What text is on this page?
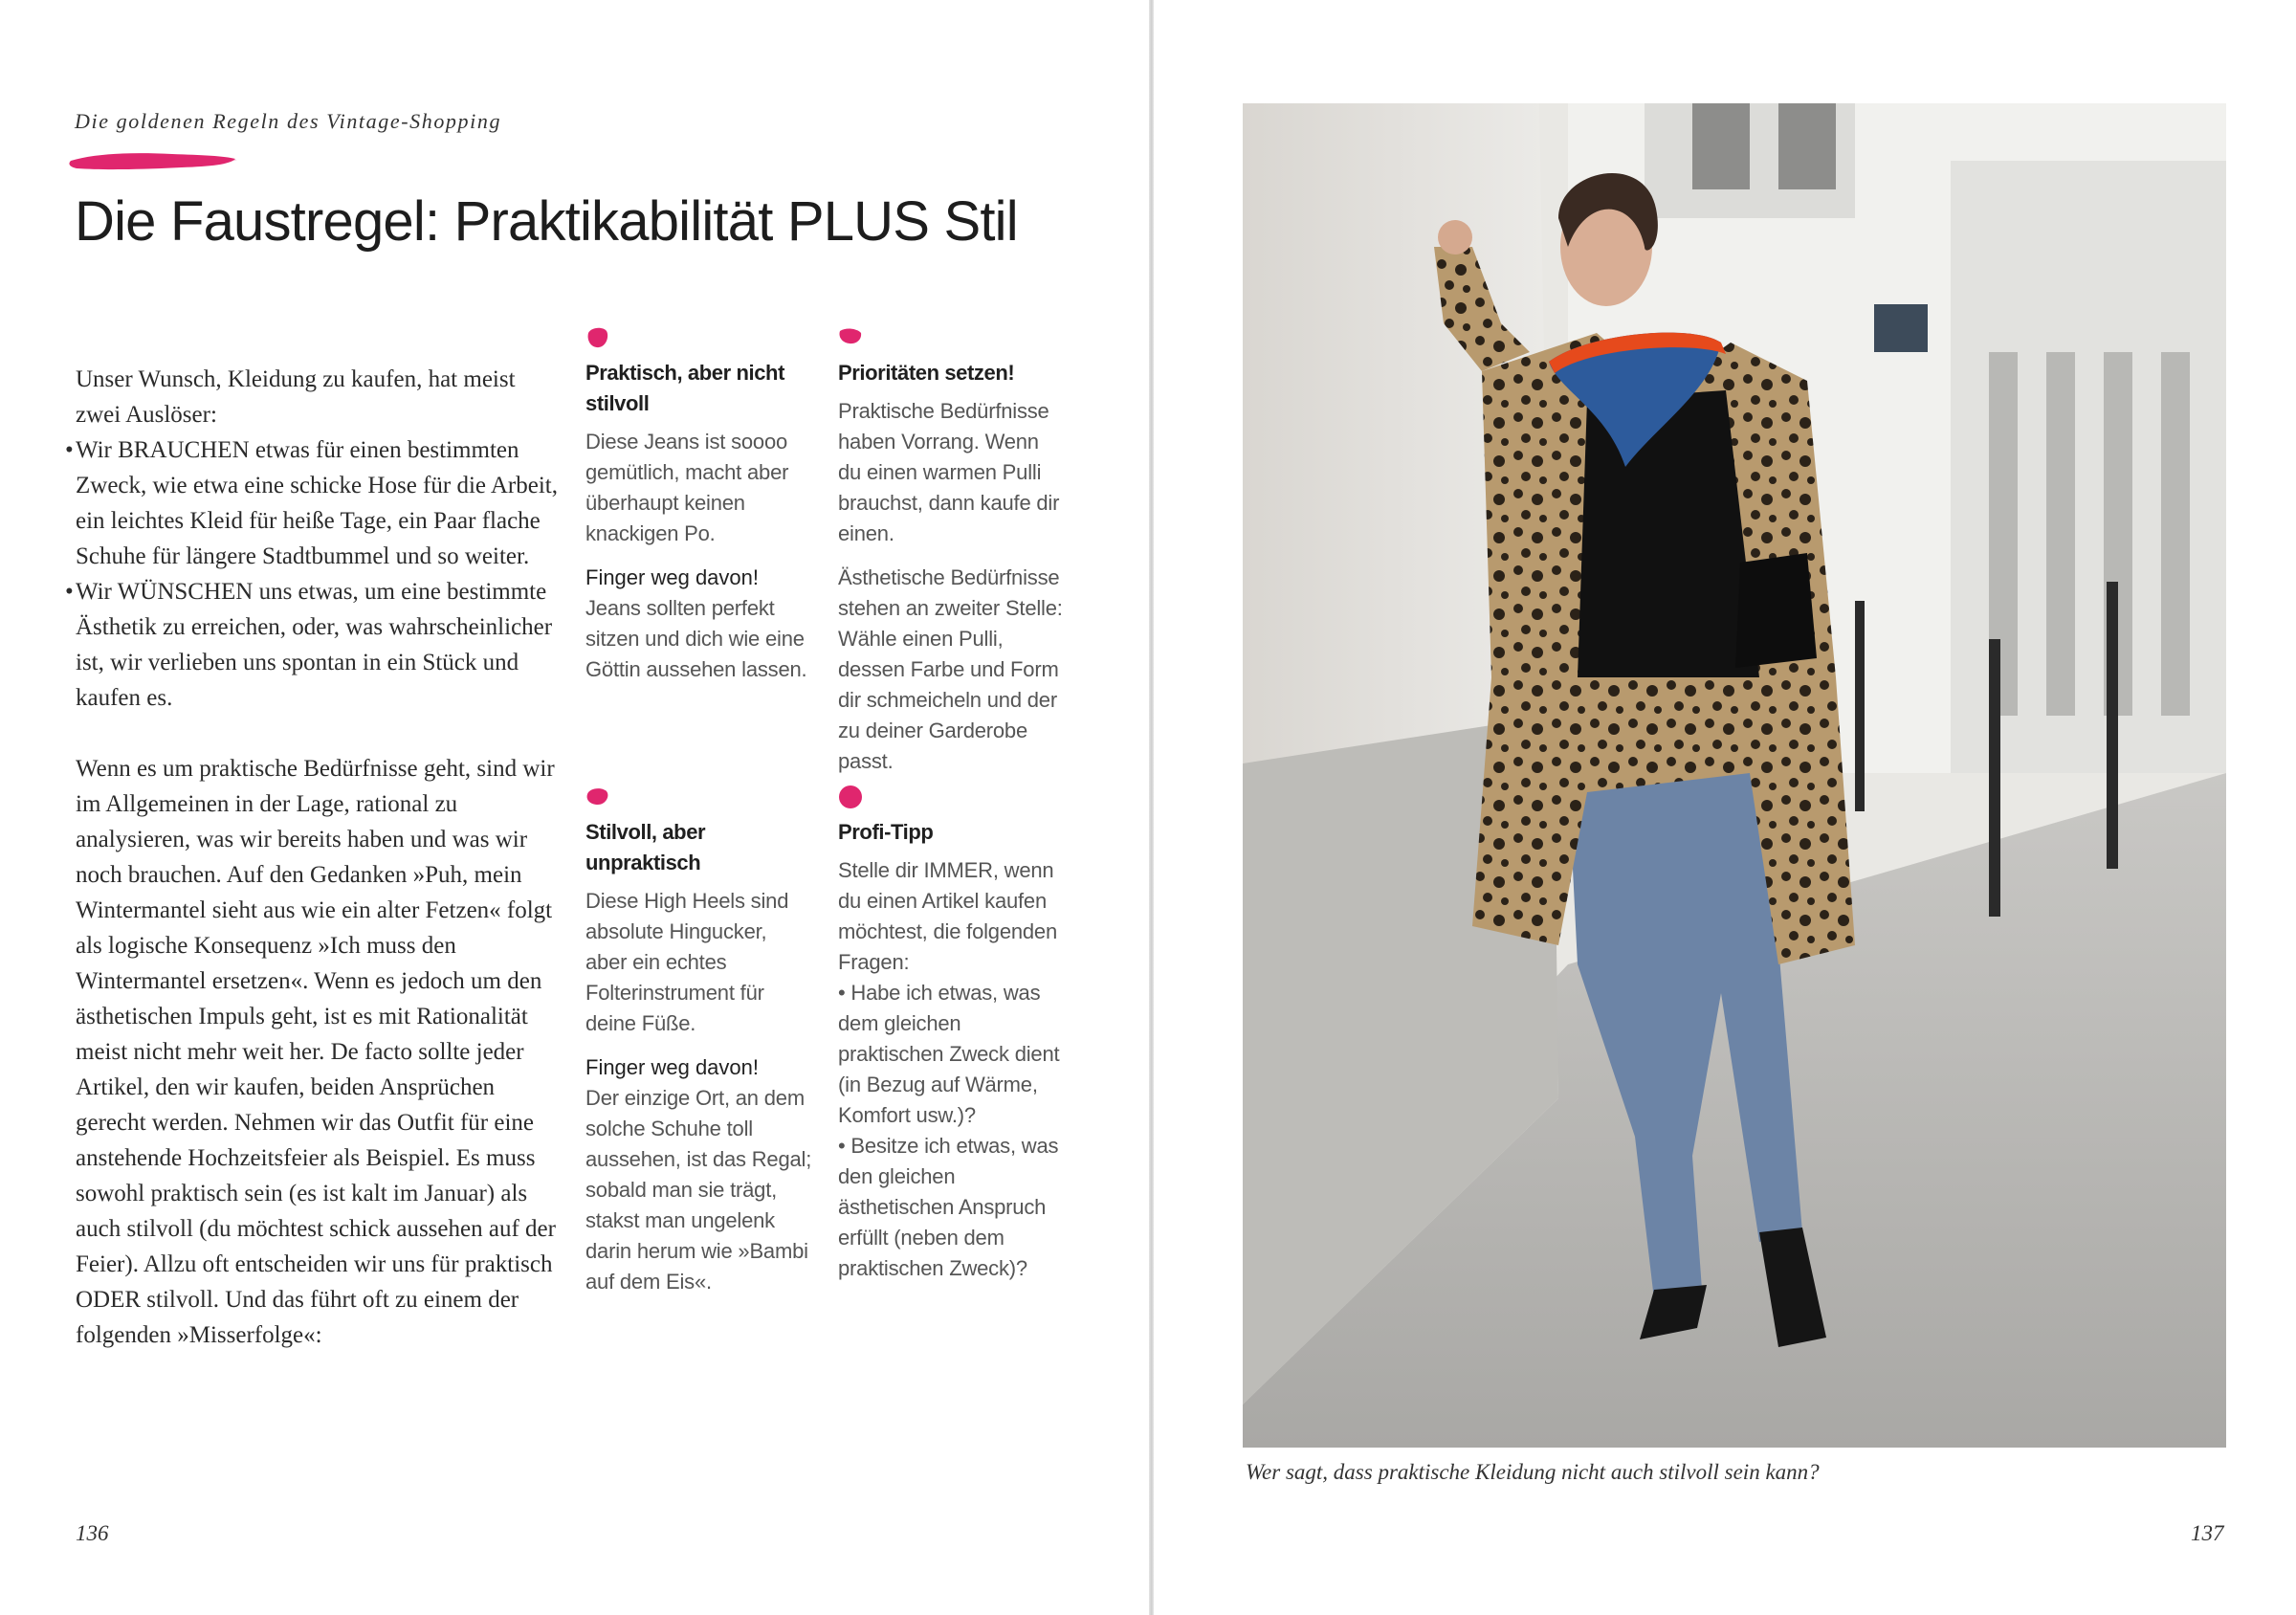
Die goldenen Regeln des Vintage-Shopping
Die Faustregel: Praktikabilität PLUS Stil

Unser Wunsch, Kleidung zu kaufen, hat meist zwei Auslöser:

• Wir BRAUCHEN etwas für einen bestimmten Zweck, wie etwa eine schicke Hose für die Arbeit, ein leichtes Kleid für heiße Tage, ein Paar flache Schuhe für längere Stadtbummel und so weiter.
• Wir WÜNSCHEN uns etwas, um eine bestimmte Ästhetik zu erreichen, oder, was wahrscheinlicher ist, wir verlieben uns spontan in ein Stück und kaufen es.

Wenn es um praktische Bedürfnisse geht, sind wir im Allgemeinen in der Lage, rational zu analysieren, was wir bereits haben und was wir noch brauchen. Auf den Gedanken »Puh, mein Wintermantel sieht aus wie ein alter Fetzen« folgt als logische Konsequenz »Ich muss den Wintermantel ersetzen«. Wenn es jedoch um den ästhetischen Impuls geht, ist es mit Rationalität meist nicht mehr weit her. De facto sollte jeder Artikel, den wir kaufen, beiden Ansprüchen gerecht werden. Nehmen wir das Outfit für eine anstehende Hochzeitsfeier als Beispiel. Es muss sowohl praktisch sein (es ist kalt im Januar) als auch stilvoll (du möchtest schick aussehen auf der Feier). Allzu oft entscheiden wir uns für praktisch ODER stilvoll. Und das führt oft zu einem der folgenden »Misserfolge«:

Praktisch, aber nicht stilvoll

Diese Jeans ist soooo gemütlich, macht aber überhaupt keinen knackigen Po.

Finger weg davon!

Jeans sollten perfekt sitzen und dich wie eine Göttin aussehen lassen.

Stilvoll, aber unpraktisch

Diese High Heels sind absolute Hingucker, aber ein echtes Folterinstrument für deine Füße.

Finger weg davon!

Der einzige Ort, an dem solche Schuhe toll aussehen, ist das Regal; sobald man sie trägt, stakst man ungelenk darin herum wie »Bambi auf dem Eis«.

Prioritäten setzen!

Praktische Bedürfnisse haben Vorrang. Wenn du einen warmen Pulli brauchst, dann kaufe dir einen.

Ästhetische Bedürfnisse stehen an zweiter Stelle: Wähle einen Pulli, dessen Farbe und Form dir schmeicheln und der zu deiner Garderobe passt.

Profi-Tipp

Stelle dir IMMER, wenn du einen Artikel kaufen möchtest, die folgenden Fragen:

• Habe ich etwas, was dem gleichen praktischen Zweck dient (in Bezug auf Wärme, Komfort usw.)?

• Besitze ich etwas, was den gleichen ästhetischen Anspruch erfüllt (neben dem praktischen Zweck)?

136
Wer sagt, dass praktische Kleidung nicht auch stilvoll sein kann?
137
